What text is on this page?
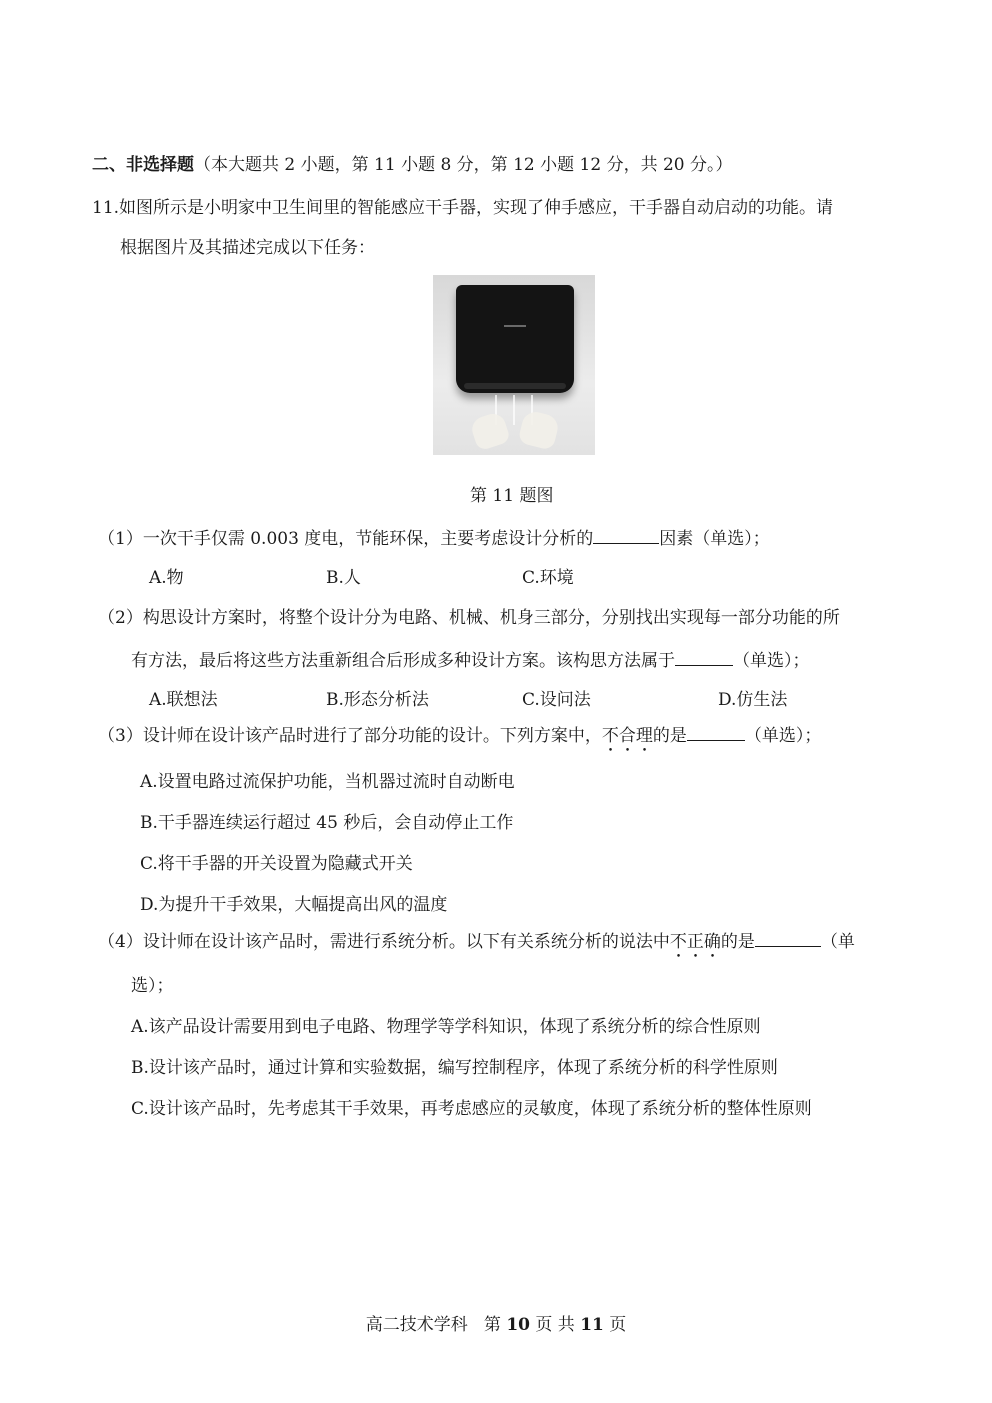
二、非选择题（本大题共 2 小题，第 11 小题 8 分，第 12 小题 12 分，共 20 分。）
11.如图所示是小明家中卫生间里的智能感应干手器，实现了伸手感应，干手器自动启动的功能。请
根据图片及其描述完成以下任务：
第 11 题图
（1）一次干手仅需 0.003 度电，节能环保，主要考虑设计分析的	因素（单选）；
A.物	B.人	C.环境
（2）构思设计方案时，将整个设计分为电路、机械、机身三部分，分别找出实现每一部分功能的所
有方法，最后将这些方法重新组合后形成多种设计方案。该构思方法属于	（单选）；
A.联想法	B.形态分析法	C.设问法	D.仿生法
（3）设计师在设计该产品时进行了部分功能的设计。下列方案中，不合理的是	（单选）；
A.设置电路过流保护功能，当机器过流时自动断电
B.干手器连续运行超过 45 秒后，会自动停止工作
C.将干手器的开关设置为隐藏式开关
D.为提升干手效果，大幅提高出风的温度
（4）设计师在设计该产品时，需进行系统分析。以下有关系统分析的说法中不正确的是	（单
选）；
A.该产品设计需要用到电子电路、物理学等学科知识，体现了系统分析的综合性原则
B.设计该产品时，通过计算和实验数据，编写控制程序，体现了系统分析的科学性原则
C.设计该产品时，先考虑其干手效果，再考虑感应的灵敏度，体现了系统分析的整体性原则
高二技术学科 第 10 页 共 11 页
